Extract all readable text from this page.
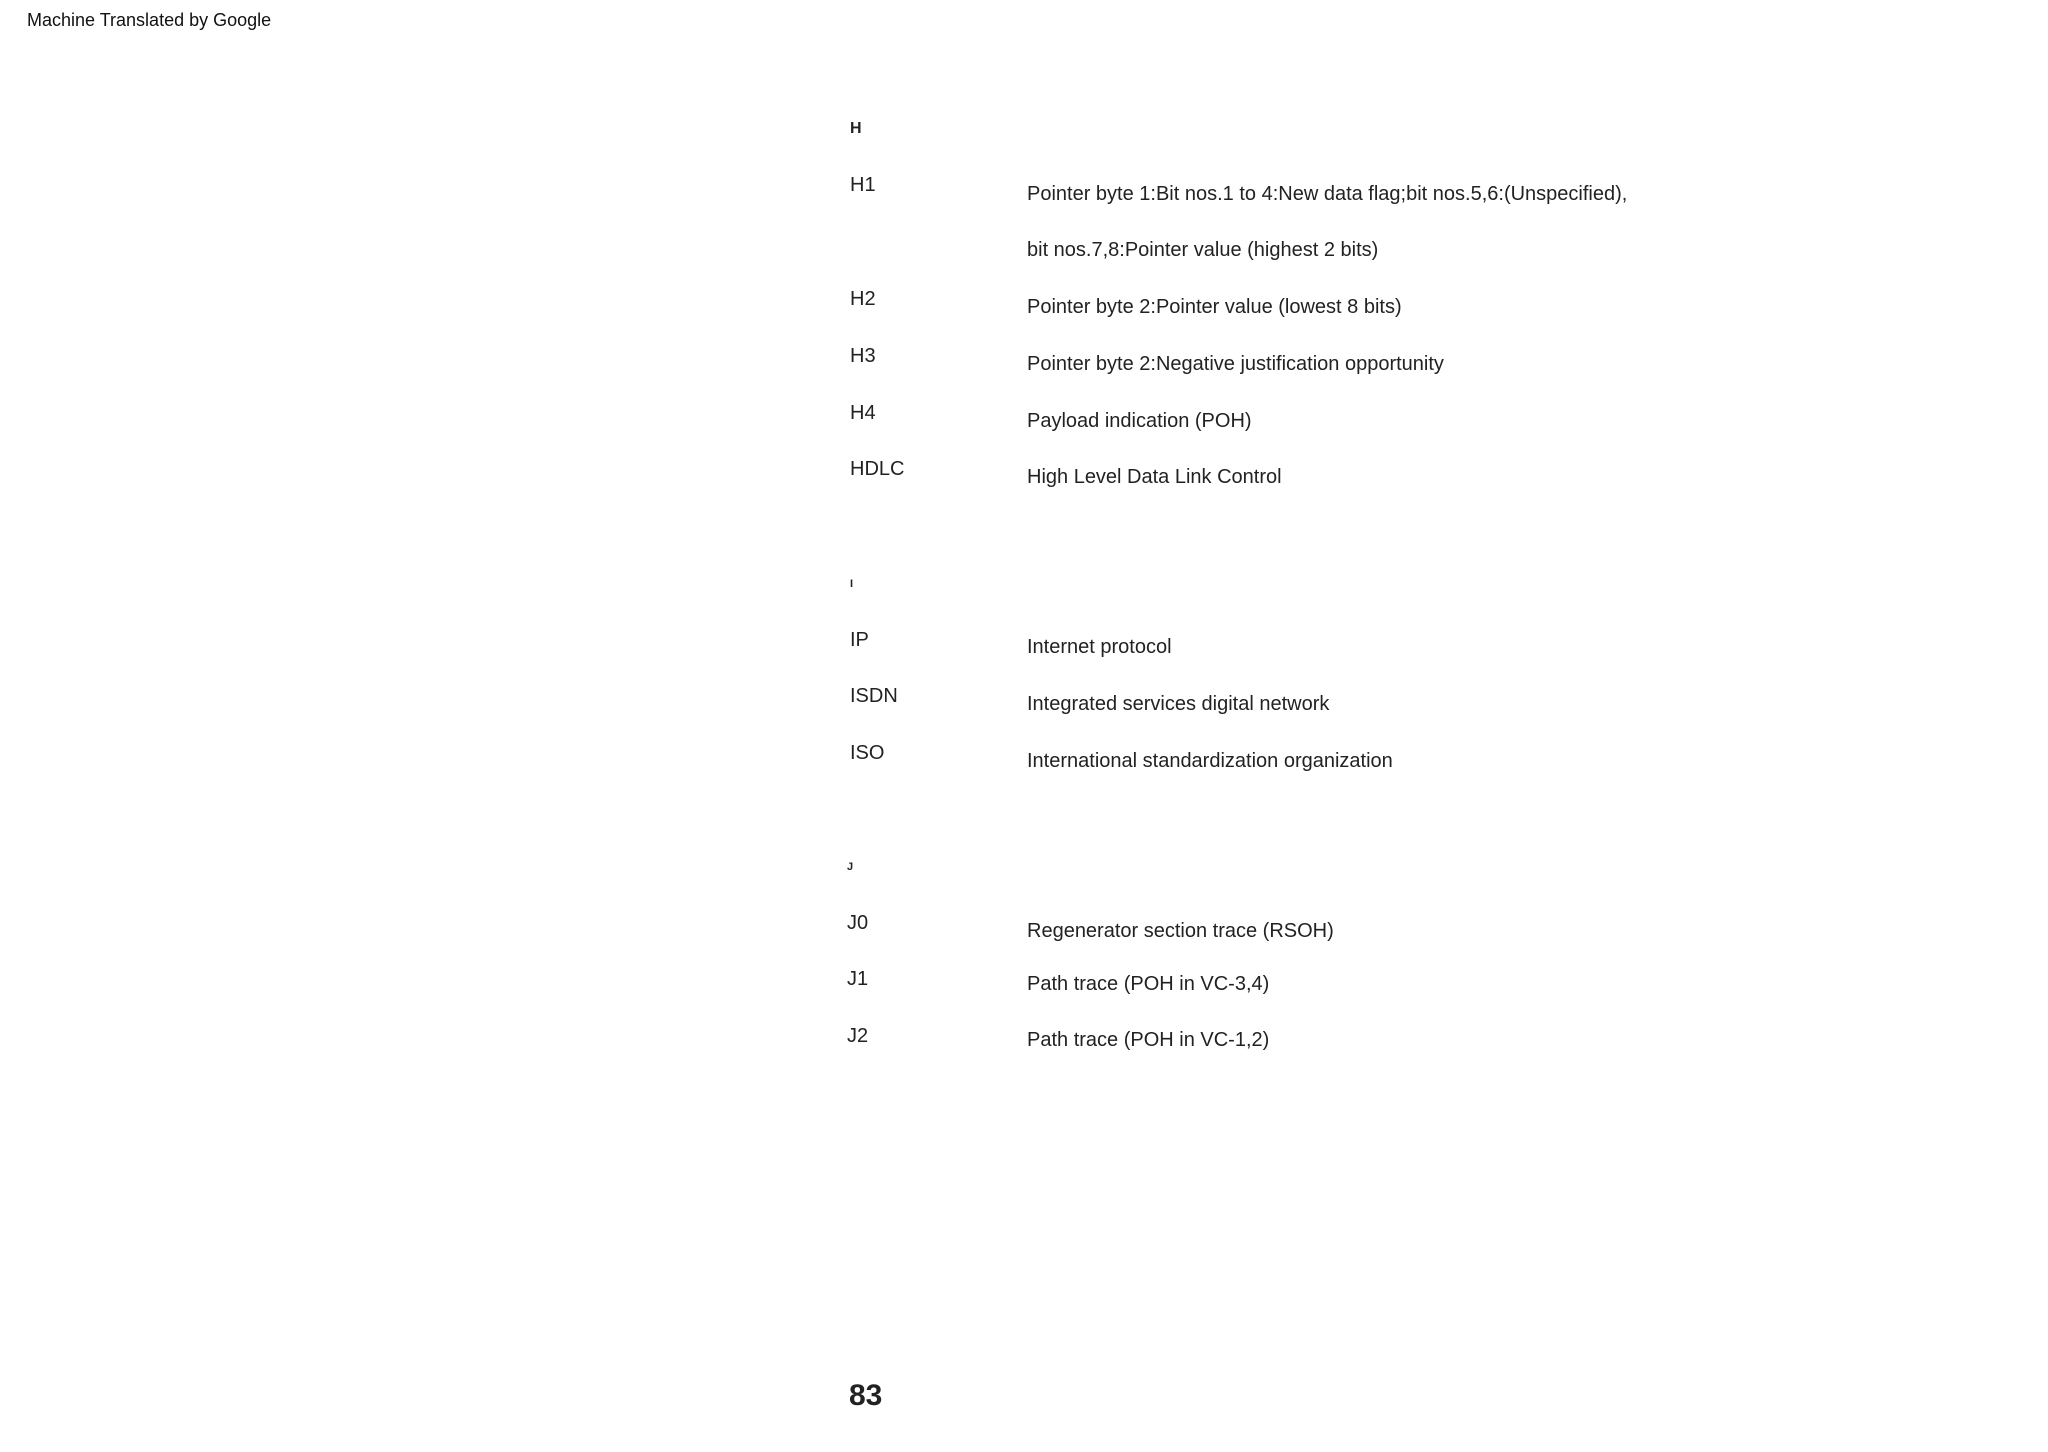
Machine Translated by Google
H
H1	Pointer byte 1:Bit nos.1 to 4:New data flag;bit nos.5,6:(Unspecified),
bit nos.7,8:Pointer value (highest 2 bits)
H2	Pointer byte 2:Pointer value (lowest 8 bits)
H3	Pointer byte 2:Negative justification opportunity
H4	Payload indication (POH)
HDLC	High Level Data Link Control
I
IP	Internet protocol
ISDN	Integrated services digital network
ISO	International standardization organization
J
J0	Regenerator section trace (RSOH)
J1	Path trace (POH in VC-3,4)
J2	Path trace (POH in VC-1,2)
83
